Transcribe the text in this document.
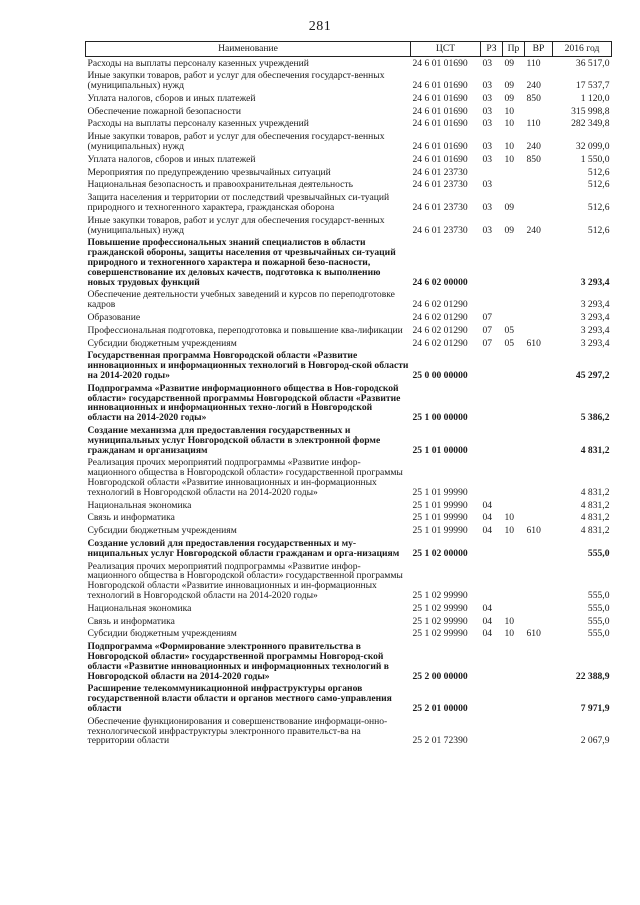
281
Наименование	ЦСТ	РЗ	Пр	ВР	2016 год
Расходы на выплаты персоналу казенных учреждений	24 6 01 01690	03	09	110	36 517,0
Иные закупки товаров, работ и услуг для обеспечения государст-венных (муниципальных) нужд	24 6 01 01690	03	09	240	17 537,7
Уплата налогов, сборов и иных платежей	24 6 01 01690	03	09	850	1 120,0
Обеспечение пожарной безопасности	24 6 01 01690	03	10		315 998,8
Расходы на выплаты персоналу казенных учреждений	24 6 01 01690	03	10	110	282 349,8
Иные закупки товаров, работ и услуг для обеспечения государст-венных (муниципальных) нужд	24 6 01 01690	03	10	240	32 099,0
Уплата налогов, сборов и иных платежей	24 6 01 01690	03	10	850	1 550,0
Мероприятия по предупреждению чрезвычайных ситуаций	24 6 01 23730				512,6
Национальная безопасность и правоохранительная деятельность	24 6 01 23730	03			512,6
Защита населения и территории от последствий чрезвычайных си-туаций природного и техногенного характера, гражданская оборона	24 6 01 23730	03	09		512,6
Иные закупки товаров, работ и услуг для обеспечения государст-венных (муниципальных) нужд	24 6 01 23730	03	09	240	512,6
Повышение профессиональных знаний специалистов в области гражданской обороны, защиты населения от чрезвычайных си-туаций природного и техногенного характера и пожарной безо-пасности, совершенствование их деловых качеств, подготовка к выполнению новых трудовых функций	24 6 02 00000				3 293,4
Обеспечение деятельности учебных заведений и курсов по переподготовке кадров	24 6 02 01290				3 293,4
Образование	24 6 02 01290	07			3 293,4
Профессиональная подготовка, переподготовка и повышение ква-лификации	24 6 02 01290	07	05		3 293,4
Субсидии бюджетным учреждениям	24 6 02 01290	07	05	610	3 293,4
Государственная программа Новгородской области «Развитие инновационных и информационных технологий в Новгород-ской области на 2014-2020 годы»	25 0 00 00000				45 297,2
Подпрограмма «Развитие информационного общества в Нов-городской области» государственной программы Новгородской области «Развитие инновационных и информационных техно-логий в Новгородской области на 2014-2020 годы»	25 1 00 00000				5 386,2
Создание механизма для предоставления государственных и муниципальных услуг Новгородской области в электронной форме гражданам и организациям	25 1 01 00000				4 831,2
Реализация прочих мероприятий подпрограммы «Развитие инфор-мационного общества в Новгородской области» государственной программы Новгородской области «Развитие инновационных и ин-формационных технологий в Новгородской области на 2014-2020 годы»	25 1 01 99990				4 831,2
Национальная экономика	25 1 01 99990	04			4 831,2
Связь и информатика	25 1 01 99990	04	10		4 831,2
Субсидии бюджетным учреждениям	25 1 01 99990	04	10	610	4 831,2
Создание условий для предоставления государственных и му-ниципальных услуг Новгородской области гражданам и орга-низациям	25 1 02 00000				555,0
Реализация прочих мероприятий подпрограммы «Развитие инфор-мационного общества в Новгородской области» государственной программы Новгородской области «Развитие инновационных и ин-формационных технологий в Новгородской области на 2014-2020 годы»	25 1 02 99990				555,0
Национальная экономика	25 1 02 99990	04			555,0
Связь и информатика	25 1 02 99990	04	10		555,0
Субсидии бюджетным учреждениям	25 1 02 99990	04	10	610	555,0
Подпрограмма «Формирование электронного правительства в Новгородской области» государственной программы Новгород-ской области «Развитие инновационных и информационных технологий в Новгородской области на 2014-2020 годы»	25 2 00 00000				22 388,9
Расширение телекоммуникационной инфраструктуры органов государственной власти области и органов местного само-управления области	25 2 01 00000				7 971,9
Обеспечение функционирования и совершенствование информаци-онно-технологической инфраструктуры электронного правительст-ва на территории области	25 2 01 72390				2 067,9
